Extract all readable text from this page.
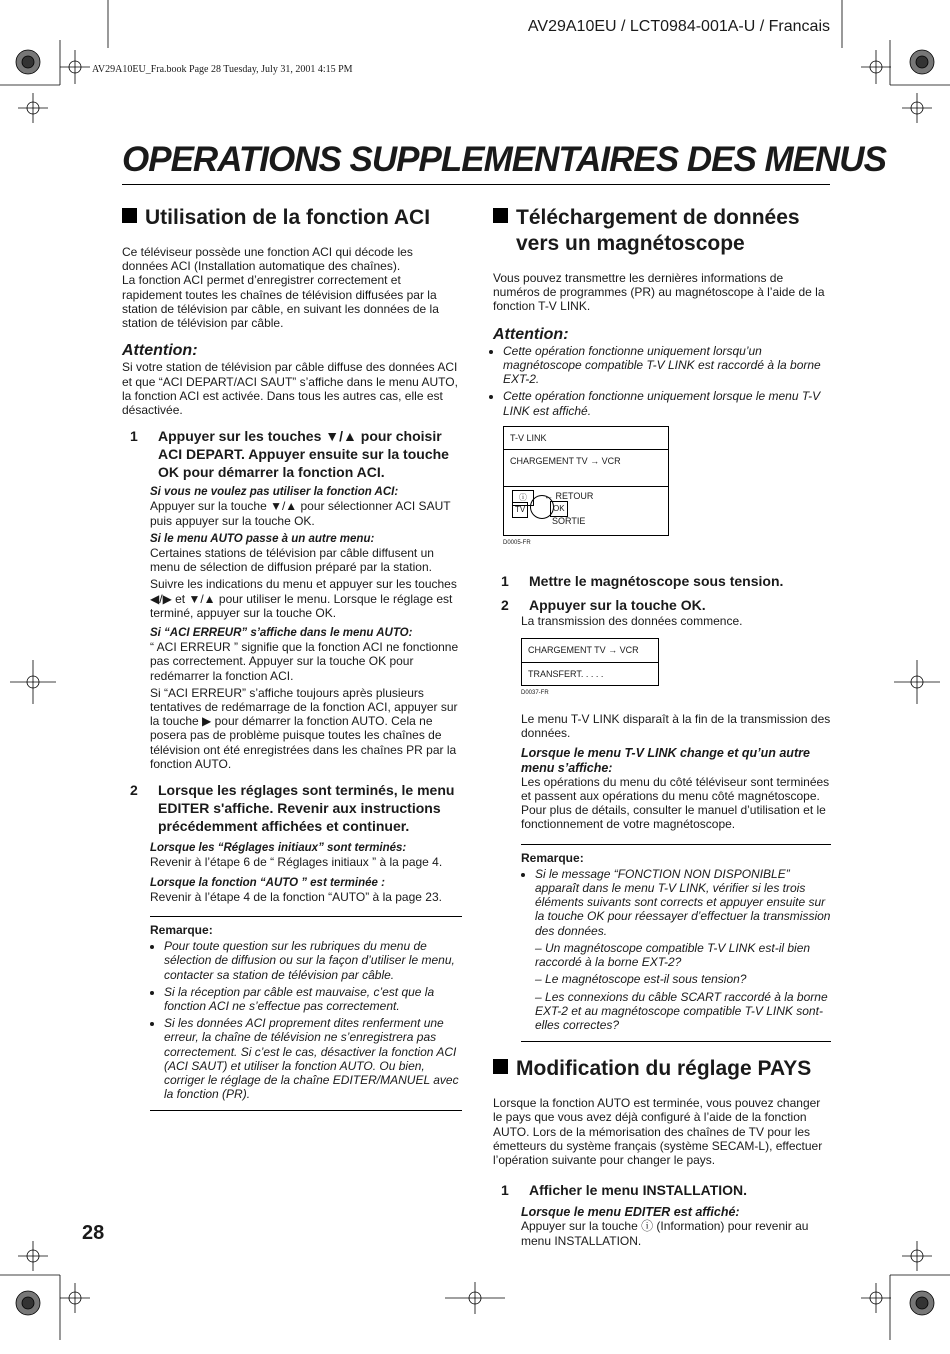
AV29A10EU / LCT0984-001A-U / Francais
AV29A10EU_Fra.book Page 28 Tuesday, July 31, 2001 4:15 PM
OPERATIONS SUPPLEMENTAIRES DES MENUS
Utilisation de la fonction ACI

Ce téléviseur possède une fonction ACI qui décode les données ACI (Installation automatique des chaînes).

La fonction ACI permet d’enregistrer correctement et rapidement toutes les chaînes de télévision diffusées par la station de télévision par câble, en suivant les données de la station de télévision par câble.

Attention:

Si votre station de télévision par câble diffuse des données ACI et que “ACI DEPART/ACI SAUT” s’affiche dans le menu AUTO, la fonction ACI est activée. Dans tous les autres cas, elle est désactivée.

1	Appuyer sur les touches ▼/▲ pour choisir ACI DEPART. Appuyer ensuite sur la touche OK pour démarrer la fonction ACI.
Si vous ne voulez pas utiliser la fonction ACI:

Appuyer sur la touche ▼/▲ pour sélectionner ACI SAUT puis appuyer sur la touche OK.

Si le menu AUTO passe à un autre menu:

Certaines stations de télévision par câble diffusent un menu de sélection de diffusion préparé par la station.

Suivre les indications du menu et appuyer sur les touches ◀/▶ et ▼/▲ pour utiliser le menu. Lorsque le réglage est terminé, appuyer sur la touche OK.

Si “ACI ERREUR” s’affiche dans le menu AUTO:

“ ACI ERREUR ” signifie que la fonction ACI ne fonctionne pas correctement. Appuyer sur la touche OK pour redémarrer la fonction ACI.

Si “ACI ERREUR” s’affiche toujours après plusieurs tentatives de redémarrage de la fonction ACI, appuyer sur la touche ▶ pour démarrer la fonction AUTO. Cela ne posera pas de problème puisque toutes les chaînes de télévision ont été enregistrées dans les chaînes PR par la fonction AUTO.

2	Lorsque les réglages sont terminés, le menu EDITER s'affiche. Revenir aux instructions précédemment affichées et continuer.
Lorsque les “Réglages initiaux” sont terminés:

Revenir à l’étape 6 de “ Réglages initiaux ” à la page 4.

Lorsque la fonction “AUTO ” est terminée :

Revenir à l’étape 4 de la fonction “AUTO” à la page 23.

Remarque:
• Pour toute question sur les rubriques du menu de sélection de diffusion ou sur la façon d’utiliser le menu, contacter sa station de télévision par câble.
• Si la réception par câble est mauvaise, c’est que la fonction ACI ne s’effectue pas correctement.
• Si les données ACI proprement dites renferment une erreur, la chaîne de télévision ne s’enregistrera pas correctement. Si c’est le cas, désactiver la fonction ACI (ACI SAUT) et utiliser la fonction AUTO. Ou bien, corriger le réglage de la chaîne EDITER/MANUEL avec la fonction (PR).
Téléchargement de données
vers un magnétoscope

Vous pouvez transmettre les dernières informations de numéros de programmes (PR) au magnétoscope à l’aide de la fonction T-V LINK.

Attention:
• Cette opération fonctionne uniquement lorsqu’un magnétoscope compatible T-V LINK est raccordé à la borne EXT-2.
• Cette opération fonctionne uniquement lorsque le menu T-V LINK est affiché.
T-V LINK
CHARGEMENT TV → VCR
ⓘ	← RETOUR
TV	OK
SORTIE
D0005-FR
1	Mettre le magnétoscope sous tension.
2	Appuyer sur la touche OK.

La transmission des données commence.

CHARGEMENT TV → VCR
TRANSFERT. . . . .
D0037-FR

Le menu T-V LINK disparaît à la fin de la transmission des données.

Lorsque le menu T-V LINK change et qu’un autre menu s’affiche:

Les opérations du menu du côté téléviseur sont terminées et passent aux opérations du menu côté magnétoscope. Pour plus de détails, consulter le manuel d’utilisation et le fonctionnement de votre magnétoscope.

Remarque:
• Si le message “FONCTION NON DISPONIBLE” apparaît dans le menu T-V LINK, vérifier si les trois éléments suivants sont corrects et appuyer ensuite sur la touche OK pour réessayer d’effectuer la transmission des données.
– Un magnétoscope compatible T-V LINK est-il bien raccordé à la borne EXT-2?
– Le magnétoscope est-il sous tension?
– Les connexions du câble SCART raccordé à la borne EXT-2 et au magnétoscope compatible T-V LINK sont-elles correctes?
Modification du réglage PAYS

Lorsque la fonction AUTO est terminée, vous pouvez changer le pays que vous avez déjà configuré à l’aide de la fonction AUTO. Lors de la mémorisation des chaînes de TV pour les émetteurs du système français (système SECAM-L), effectuer l’opération suivante pour changer le pays.

1	Afficher le menu INSTALLATION.
Lorsque le menu EDITER est affiché:

Appuyer sur la touche ⓘ (Information) pour revenir au menu INSTALLATION.

28
